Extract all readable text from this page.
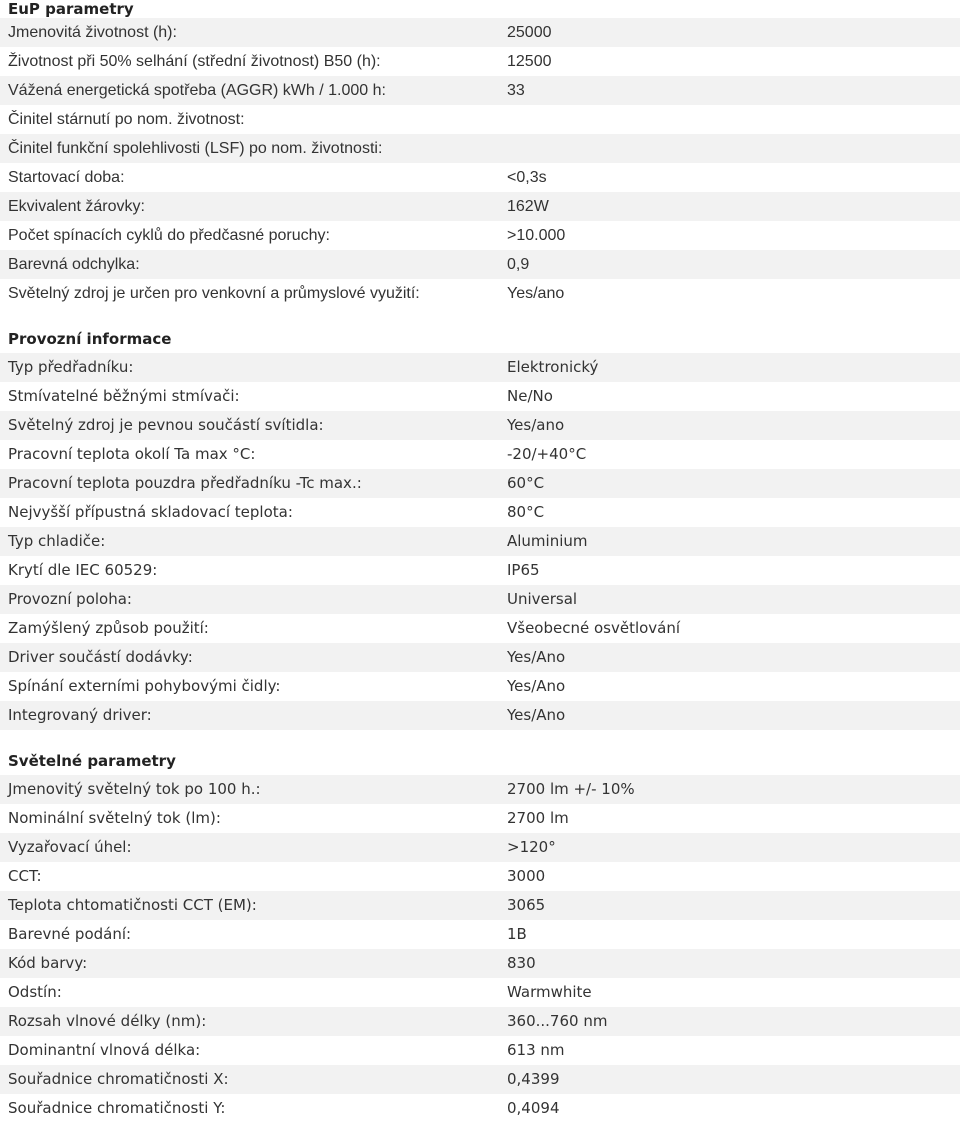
EuP parametry
Jmenovitá životnost (h):	25000
Životnost při 50% selhání (střední životnost) B50 (h):	12500
Vážená energetická spotřeba (AGGR) kWh / 1.000 h:	33
Činitel stárnutí po nom. životnost:
Činitel funkční spolehlivosti (LSF) po nom. životnosti:
Startovací doba:	<0,3s
Ekvivalent žárovky:	162W
Počet spínacích cyklů do předčasné poruchy:	>10.000
Barevná odchylka:	0,9
Světelný zdroj je určen pro venkovní a průmyslové využití:	Yes/ano
Provozní informace
Typ předřadníku:	Elektronický
Stmívatelné běžnými stmívači:	Ne/No
Světelný zdroj je pevnou součástí svítidla:	Yes/ano
Pracovní teplota okolí Ta max °C:	-20/+40°C
Pracovní teplota pouzdra předřadníku -Tc max.:	60°C
Nejvyšší přípustná skladovací teplota:	80°C
Typ chladiče:	Aluminium
Krytí dle IEC 60529:	IP65
Provozní poloha:	Universal
Zamýšlený způsob použití:	Všeobecné osvětlování
Driver součástí dodávky:	Yes/Ano
Spínání externími pohybovými čidly:	Yes/Ano
Integrovaný driver:	Yes/Ano
Světelné parametry
Jmenovitý světelný tok po 100 h.:	2700 lm +/- 10%
Nominální světelný tok (lm):	2700 lm
Vyzařovací úhel:	>120°
CCT:	3000
Teplota chtomatičnosti CCT (EM):	3065
Barevné podání:	1B
Kód barvy:	830
Odstín:	Warmwhite
Rozsah vlnové délky (nm):	360...760 nm
Dominantní vlnová délka:	613 nm
Souřadnice chromatičnosti X:	0,4399
Souřadnice chromatičnosti Y:	0,4094
